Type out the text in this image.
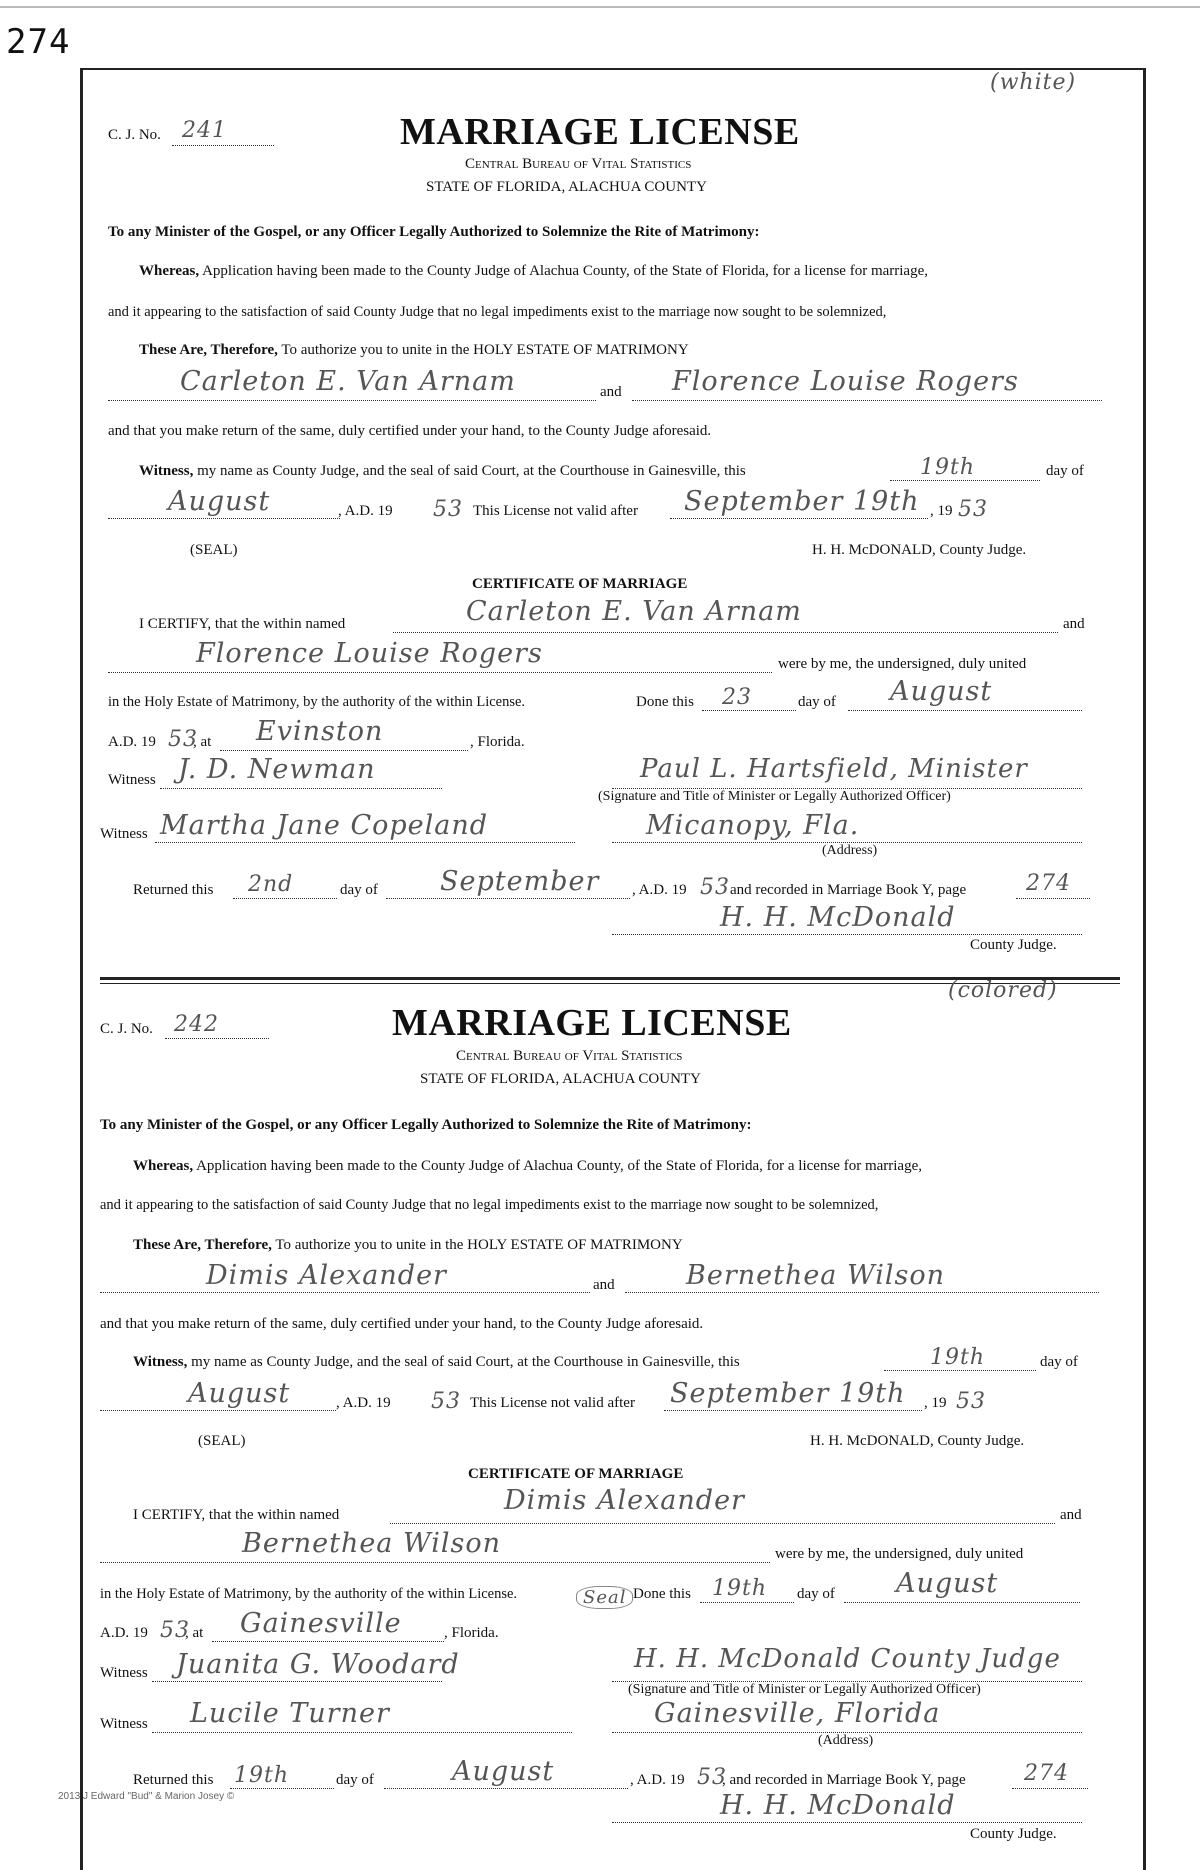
274
(white)
C. J. No. 241	MARRIAGE LICENSE
Central Bureau of Vital Statistics
STATE OF FLORIDA, ALACHUA COUNTY
To any Minister of the Gospel, or any Officer Legally Authorized to Solemnize the Rite of Matrimony:
Whereas, Application having been made to the County Judge of Alachua County, of the State of Florida, for a license for marriage,
and it appearing to the satisfaction of said County Judge that no legal impediments exist to the marriage now sought to be solemnized,
These Are, Therefore, To authorize you to unite in the HOLY ESTATE OF MATRIMONY
Carleton E. Van Arnam	and Florence Louise Rogers
and that you make return of the same, duly certified under your hand, to the County Judge aforesaid.
Witness, my name as County Judge, and the seal of said Court, at the Courthouse in Gainesville, this	19th	day of
August	, A.D. 19 53 This License not valid after September 19th , 19 53
(SEAL)	H. H. McDONALD, County Judge.
CERTIFICATE OF MARRIAGE
I CERTIFY, that the within named	Carleton E. Van Arnam	and
Florence Louise Rogers	were by me, the undersigned, duly united
in the Holy Estate of Matrimony, by the authority of the within License.	Done this 23	day of August
A.D. 19 53
, at Evinston	, Florida.
Witness J. D. Newman	Paul L. Hartsfield, Minister
(Signature and Title of Minister or Legally Authorized Officer)
Witness Martha Jane Copeland	Micanopy, Fla.
(Address)
Returned this 2nd	day of September , A.D. 19 53 and recorded in Marriage Book Y, page	274
H. H. McDonald
County Judge.
(colored)
C. J. No. 242	MARRIAGE LICENSE
Central Bureau of Vital Statistics
STATE OF FLORIDA, ALACHUA COUNTY
To any Minister of the Gospel, or any Officer Legally Authorized to Solemnize the Rite of Matrimony:
Whereas, Application having been made to the County Judge of Alachua County, of the State of Florida, for a license for marriage,
and it appearing to the satisfaction of said County Judge that no legal impediments exist to the marriage now sought to be solemnized,
These Are, Therefore, To authorize you to unite in the HOLY ESTATE OF MATRIMONY
Dimis Alexander	and	Bernethea Wilson
and that you make return of the same, duly certified under your hand, to the County Judge aforesaid.
Witness, my name as County Judge, and the seal of said Court, at the Courthouse in Gainesville, this	19th	day of
August	, A.D. 19 53 This License not valid after September 19th , 19 53
(SEAL)	H. H. McDONALD, County Judge.
CERTIFICATE OF MARRIAGE
I CERTIFY, that the within named	Dimis Alexander	and
Bernethea Wilson	were by me, the undersigned, duly united
in the Holy Estate of Matrimony, by the authority of the within License.	Done this 19th day of August
A.D. 19 53
, at Gainesville	, Florida.
Seal
Witness Juanita G. Woodard	H. H. McDonald County Judge
(Signature and Title of Minister or Legally Authorized Officer)
Witness Lucile Turner	Gainesville, Florida
(Address)
Returned this 19th	day of	August	, A.D. 19 53
, and recorded in Marriage Book Y, page	274
H. H. McDonald
County Judge.
2013 J Edward "Bud" & Marion Josey ©
